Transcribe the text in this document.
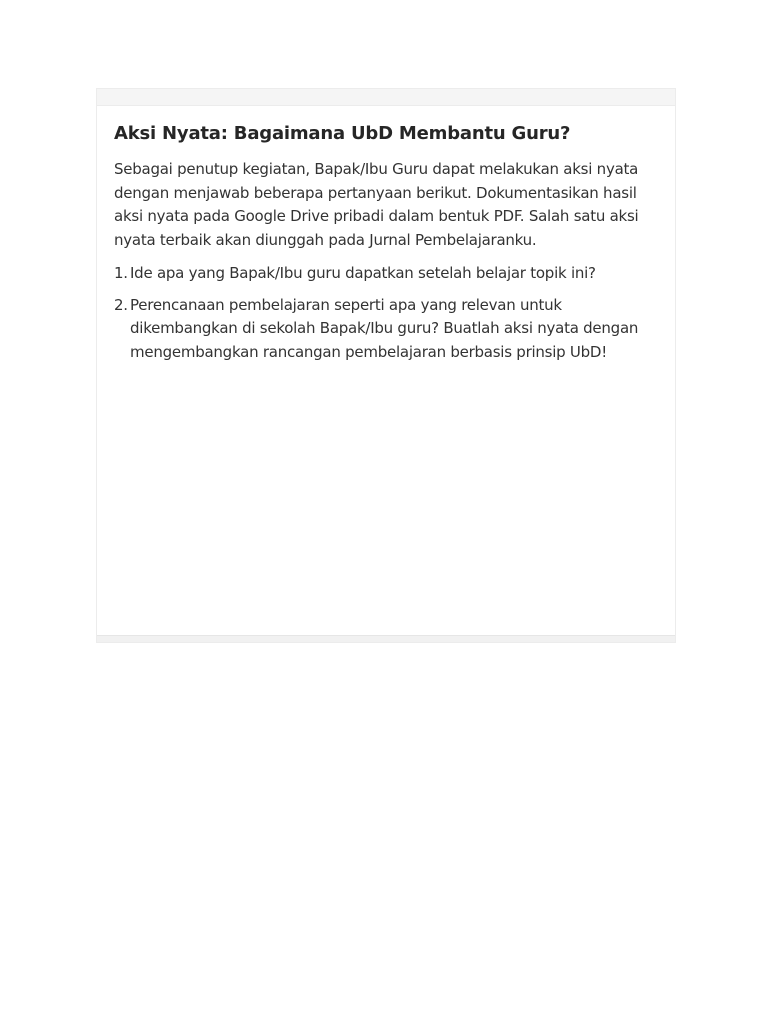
Aksi Nyata: Bagaimana UbD Membantu Guru?

Sebagai penutup kegiatan, Bapak/Ibu Guru dapat melakukan aksi nyata dengan menjawab beberapa pertanyaan berikut. Dokumentasikan hasil aksi nyata pada Google Drive pribadi dalam bentuk PDF. Salah satu aksi nyata terbaik akan diunggah pada Jurnal Pembelajaranku.

1. Ide apa yang Bapak/Ibu guru dapatkan setelah belajar topik ini?
2. Perencanaan pembelajaran seperti apa yang relevan untuk dikembangkan di sekolah Bapak/Ibu guru? Buatlah aksi nyata dengan mengembangkan rancangan pembelajaran berbasis prinsip UbD!
